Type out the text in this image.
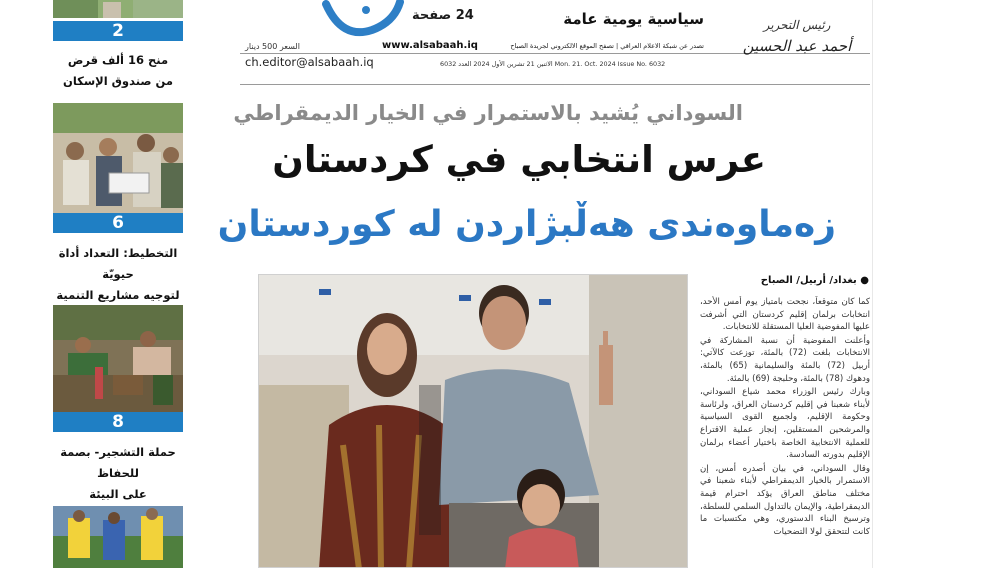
2
منح 16 ألف قرض
من صندوق الإسكان
6
التخطيط: التعداد أداة حيويّة
لتوجيه مشاريع التنمية
8
حملة التشجير- بصمة للحفاظ
على البيئة
24 صفحة	سياسية يومية عامة
www.alsabaah.iq	تصدر عن شبكة الاعلام العراقي | تصفح الموقع الالكتروني لجريدة الصباح
السعر 500 دينار
الاثنين 21 تشرين الأول 2024 العدد 6032 Mon. 21. Oct. 2024 Issue No. 6032
ch.editor@alsabaah.iq
رئيس التحرير
أحمد عبد الحسين
السوداني يُشيد بالاستمرار في الخيار الديمقراطي
عرس انتخابي في كردستان
زەماوەندی هەڵبژاردن لە کوردستان
● بغداد/ أربيل/ الصباح

كما كان متوقعاً، نجحت بامتياز يوم أمس الأحد، انتخابات برلمان إقليم كردستان التي أشرفت عليها المفوضية العليا المستقلة للانتخابات.

وأعلنت المفوضية أن نسبة المشاركة في الانتخابات بلغت (72) بالمئة، توزعت كالآتي: أربيل (72) بالمئة والسليمانية (65) بالمئة، ودهوك (78) بالمئة، وحلبجة (69) بالمئة.

وبارك رئيس الوزراء محمد شياع السوداني، لأبناء شعبنا في إقليم كردستان العراق، ولرئاسة وحكومة الإقليم، ولجميع القوى السياسية والمرشحين المستقلين، إنجاز عملية الاقتراع للعملية الانتخابية الخاصة باختيار أعضاء برلمان الإقليم بدورته السادسة.

وقال السوداني، في بيان أصدره أمس، إن الاستمرار بالخيار الديمقراطي لأبناء شعبنا في مختلف مناطق العراق يؤكد احترام قيمة الديمقراطية، والإيمان بالتداول السلمي للسلطة، وترسيخ البناء الدستوري، وهي مكتسبات ما كانت لتتحقق لولا التضحيات
